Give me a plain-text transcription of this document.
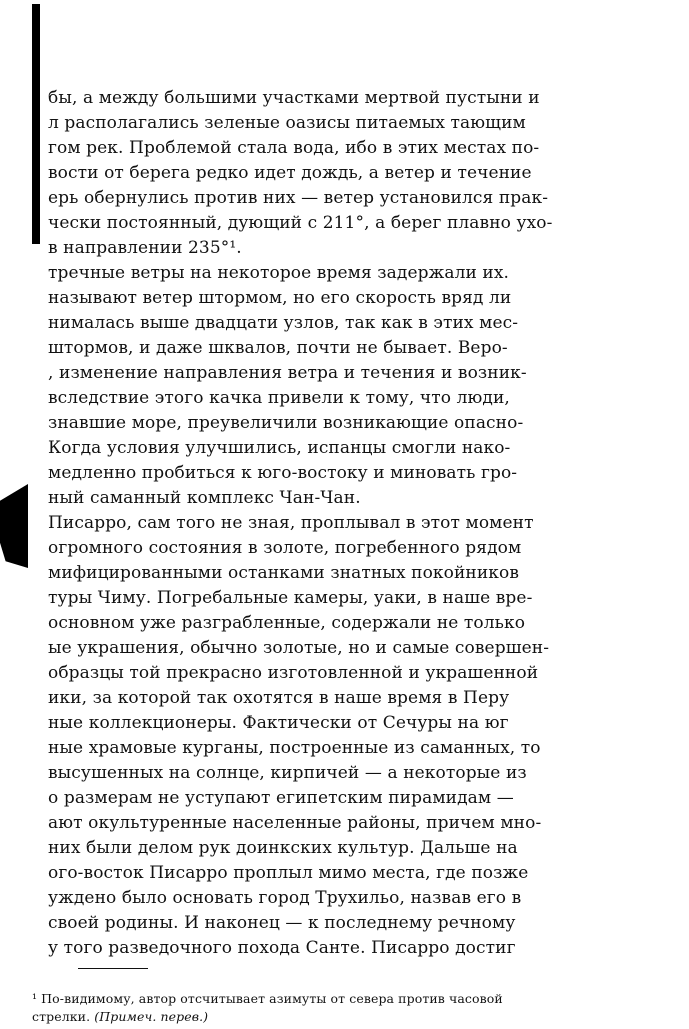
бы, а между большими участками мертвой пустыни и
л располагались зеленые оазисы питаемых тающим
гом рек. Проблемой стала вода, ибо в этих местах по-
вости от берега редко идет дождь, а ветер и течение
ерь обернулись против них — ветер установился прак-
чески постоянный, дующий с 211°, а берег плавно ухо-
в направлении 235°¹.
тречные ветры на некоторое время задержали их.
называют ветер штормом, но его скорость вряд ли
нималась выше двадцати узлов, так как в этих мес-
штормов, и даже шквалов, почти не бывает. Веро-
, изменение направления ветра и течения и возник-
вследствие этого качка привели к тому, что люди,
знавшие море, преувеличили возникающие опасно-
Когда условия улучшились, испанцы смогли нако-
медленно пробиться к юго-востоку и миновать гро-
ный саманный комплекс Чан-Чан.
Писарро, сам того не зная, проплывал в этот момент
огромного состояния в золоте, погребенного рядом
мифицированными останками знатных покойников
туры Чиму. Погребальные камеры, уаки, в наше вре-
основном уже разграбленные, содержали не только
ые украшения, обычно золотые, но и самые совершен-
образцы той прекрасно изготовленной и украшенной
ики, за которой так охотятся в наше время в Перу
ные коллекционеры. Фактически от Сечуры на юг
ные храмовые курганы, построенные из саманных, то
высушенных на солнце, кирпичей — а некоторые из
о размерам не уступают египетским пирамидам —
ают окультуренные населенные районы, причем мно-
них были делом рук доинкских культур. Дальше на
ого-восток Писарро проплыл мимо места, где позже
уждено было основать город Трухильо, назвав его в
своей родины. И наконец — к последнему речному
у того разведочного похода Санте. Писарро достиг
¹ По-видимому, автор отсчитывает азимуты от севера против часовой
стрелки. (Примеч. перев.)
